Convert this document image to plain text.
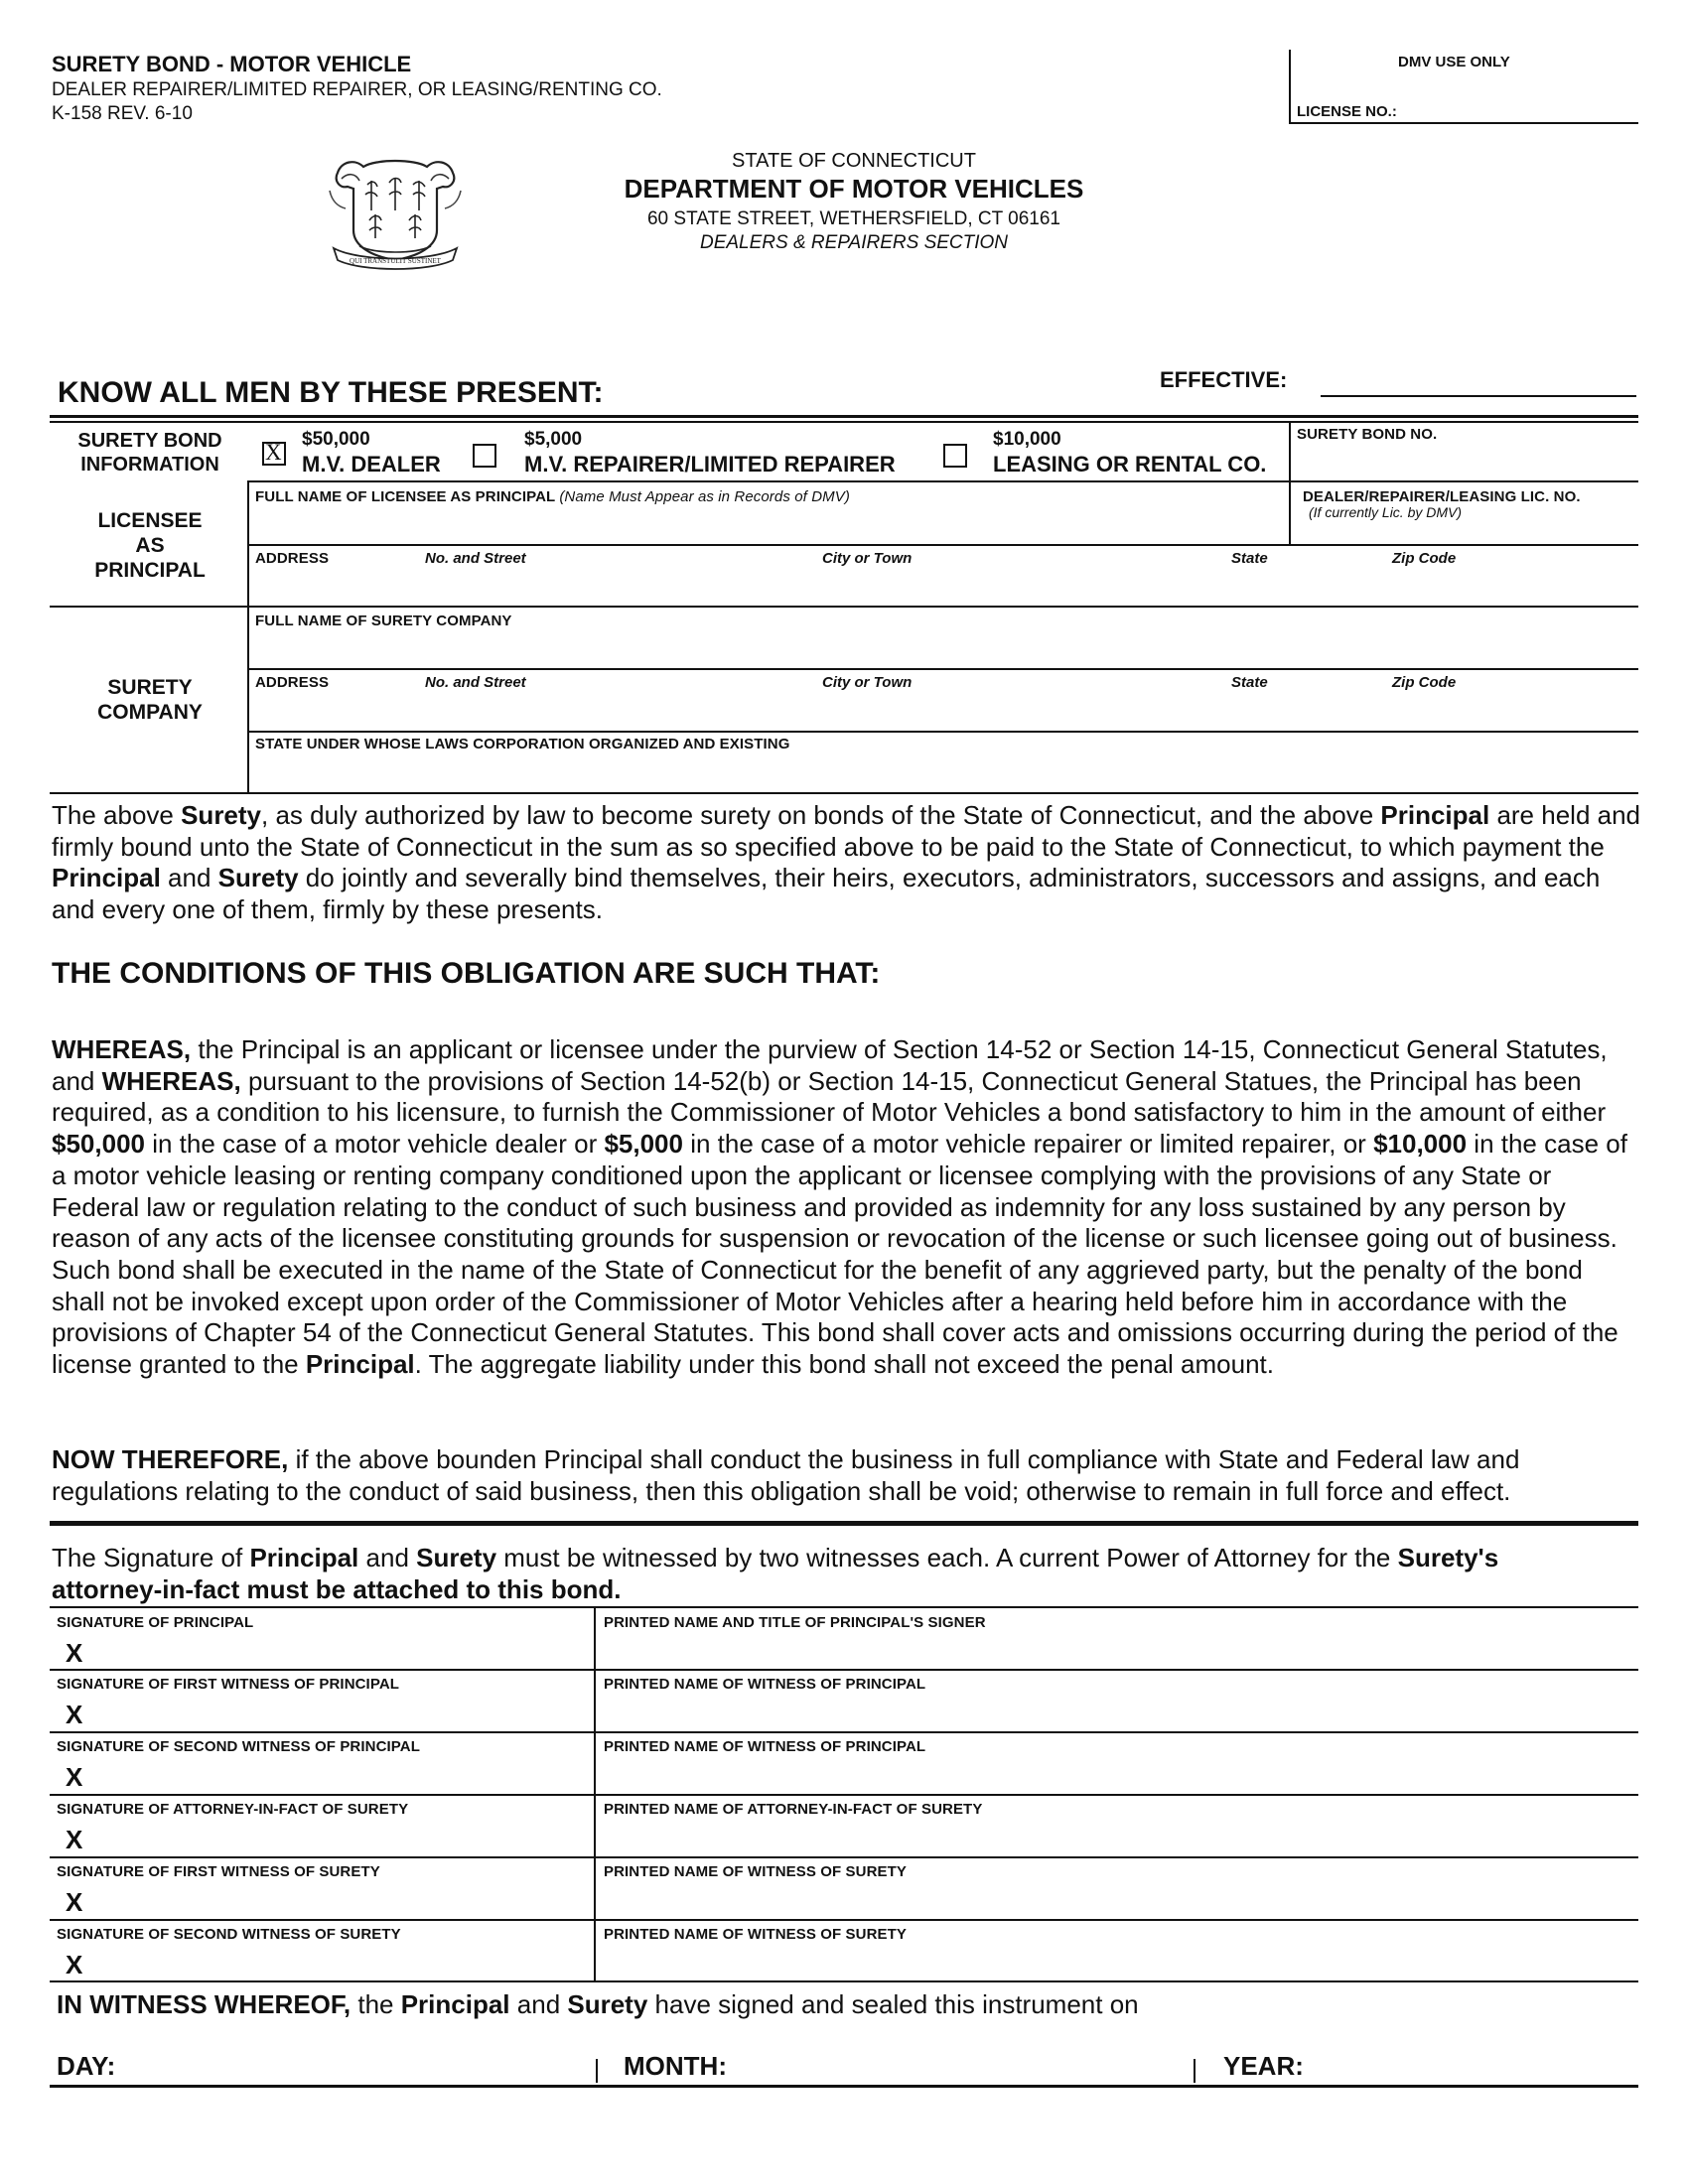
SURETY BOND - MOTOR VEHICLE
DEALER REPAIRER/LIMITED REPAIRER, OR LEASING/RENTING CO.
K-158 REV. 6-10
DMV USE ONLY
LICENSE NO.:
QUI TRANSTULIT SUSTINET
STATE OF CONNECTICUT
DEPARTMENT OF MOTOR VEHICLES
60 STATE STREET, WETHERSFIELD, CT 06161
DEALERS & REPAIRERS SECTION
KNOW ALL MEN BY THESE PRESENT:	EFFECTIVE:
SURETY BOND
INFORMATION
$50,000
X M.V. DEALER
$5,000
M.V. REPAIRER/LIMITED REPAIRER
$10,000
LEASING OR RENTAL CO.
SURETY BOND NO.
LICENSEE
AS
PRINCIPAL
FULL NAME OF LICENSEE AS PRINCIPAL (Name Must Appear as in Records of DMV)	DEALER/REPAIRER/LEASING LIC. NO.
(If currently Lic. by DMV)
ADDRESS	No. and Street	City or Town	State	Zip Code
SURETY
COMPANY
FULL NAME OF SURETY COMPANY
ADDRESS	No. and Street	City or Town	State	Zip Code
STATE UNDER WHOSE LAWS CORPORATION ORGANIZED AND EXISTING
The above Surety, as duly authorized by law to become surety on bonds of the State of Connecticut, and the above Principal are held and firmly bound unto the State of Connecticut in the sum as so specified above to be paid to the State of Connecticut, to which payment the Principal and Surety do jointly and severally bind themselves, their heirs, executors, administrators, successors and assigns, and each and every one of them, firmly by these presents.
THE CONDITIONS OF THIS OBLIGATION ARE SUCH THAT:
WHEREAS, the Principal is an applicant or licensee under the purview of Section 14-52 or Section 14-15, Connecticut General Statutes, and WHEREAS, pursuant to the provisions of Section 14-52(b) or Section 14-15, Connecticut General Statues, the Principal has been required, as a condition to his licensure, to furnish the Commissioner of Motor Vehicles a bond satisfactory to him in the amount of either $50,000 in the case of a motor vehicle dealer or $5,000 in the case of a motor vehicle repairer or limited repairer, or $10,000 in the case of a motor vehicle leasing or renting company conditioned upon the applicant or licensee complying with the provisions of any State or Federal law or regulation relating to the conduct of such business and provided as indemnity for any loss sustained by any person by reason of any acts of the licensee constituting grounds for suspension or revocation of the license or such licensee going out of business. Such bond shall be executed in the name of the State of Connecticut for the benefit of any aggrieved party, but the penalty of the bond shall not be invoked except upon order of the Commissioner of Motor Vehicles after a hearing held before him in accordance with the provisions of Chapter 54 of the Connecticut General Statutes. This bond shall cover acts and omissions occurring during the period of the license granted to the Principal. The aggregate liability under this bond shall not exceed the penal amount.
NOW THEREFORE, if the above bounden Principal shall conduct the business in full compliance with State and Federal law and regulations relating to the conduct of said business, then this obligation shall be void; otherwise to remain in full force and effect.
The Signature of Principal and Surety must be witnessed by two witnesses each. A current Power of Attorney for the Surety's
attorney-in-fact must be attached to this bond.
SIGNATURE OF PRINCIPAL
X
PRINTED NAME AND TITLE OF PRINCIPAL'S SIGNER
SIGNATURE OF FIRST WITNESS OF PRINCIPAL
X
PRINTED NAME OF WITNESS OF PRINCIPAL
SIGNATURE OF SECOND WITNESS OF PRINCIPAL
X
PRINTED NAME OF WITNESS OF PRINCIPAL
SIGNATURE OF ATTORNEY-IN-FACT OF SURETY
X
PRINTED NAME OF ATTORNEY-IN-FACT OF SURETY
SIGNATURE OF FIRST WITNESS OF SURETY
X
PRINTED NAME OF WITNESS OF SURETY
SIGNATURE OF SECOND WITNESS OF SURETY
X
PRINTED NAME OF WITNESS OF SURETY
IN WITNESS WHEREOF, the Principal and Surety have signed and sealed this instrument on
DAY:	MONTH:	YEAR:
